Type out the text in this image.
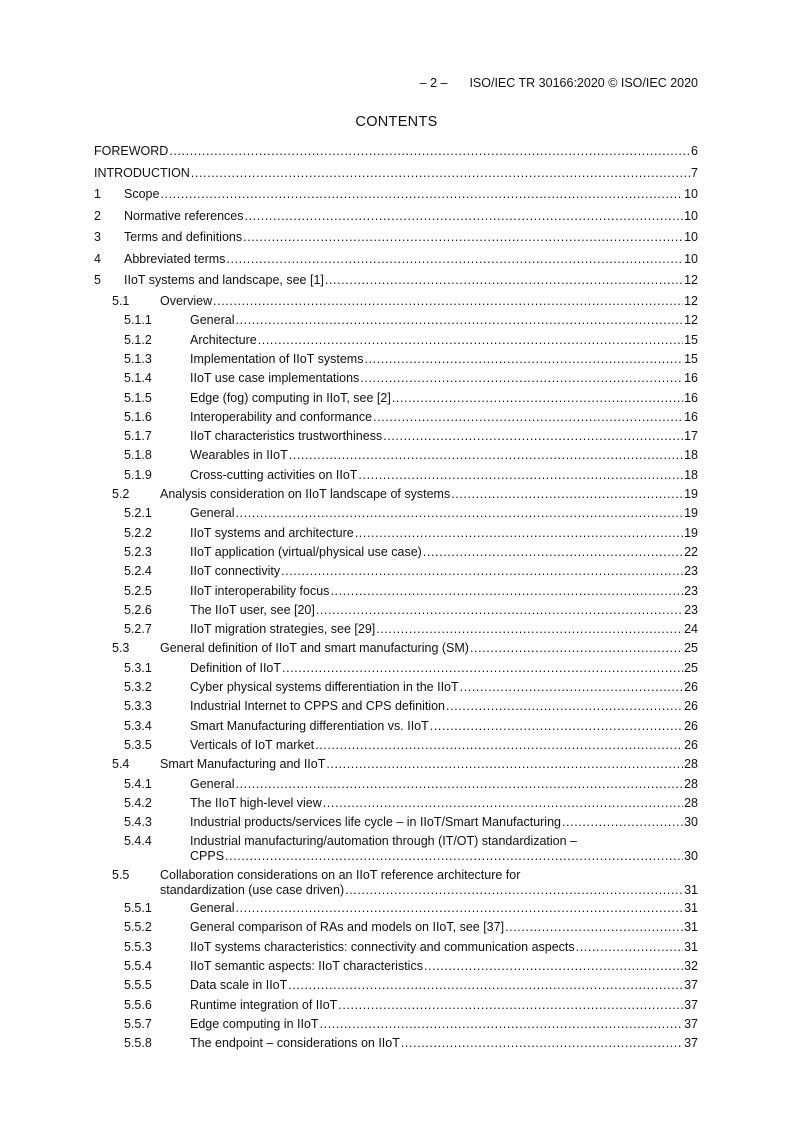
– 2 – ISO/IEC TR 30166:2020 © ISO/IEC 2020
CONTENTS
FOREWORD .....	6
INTRODUCTION .....	7
1	Scope .....	10
2	Normative references .....	10
3	Terms and definitions .....	10
4	Abbreviated terms .....	10
5	IIoT systems and landscape, see [1] .....	12
5.1	Overview .....	12
5.1.1	General .....	12
5.1.2	Architecture .....	15
5.1.3	Implementation of IIoT systems .....	15
5.1.4	IIoT use case implementations .....	16
5.1.5	Edge (fog) computing in IIoT, see [2] .....	16
5.1.6	Interoperability and conformance .....	16
5.1.7	IIoT characteristics trustworthiness .....	17
5.1.8	Wearables in IIoT .....	18
5.1.9	Cross-cutting activities on IIoT .....	18
5.2	Analysis consideration on IIoT landscape of systems .....	19
5.2.1	General .....	19
5.2.2	IIoT systems and architecture .....	19
5.2.3	IIoT application (virtual/physical use case) .....	22
5.2.4	IIoT connectivity .....	23
5.2.5	IIoT interoperability focus .....	23
5.2.6	The IIoT user, see [20] .....	23
5.2.7	IIoT migration strategies, see [29] .....	24
5.3	General definition of IIoT and smart manufacturing (SM) .....	25
5.3.1	Definition of IIoT .....	25
5.3.2	Cyber physical systems differentiation in the IIoT .....	26
5.3.3	Industrial Internet to CPPS and CPS definition .....	26
5.3.4	Smart Manufacturing differentiation vs. IIoT .....	26
5.3.5	Verticals of IoT market .....	26
5.4	Smart Manufacturing and IIoT .....	28
5.4.1	General .....	28
5.4.2	The IIoT high-level view .....	28
5.4.3	Industrial products/services life cycle – in IIoT/Smart Manufacturing .....	30
5.4.4	Industrial manufacturing/automation through (IT/OT) standardization –
CPPS .....	30
5.5	Collaboration considerations on an IIoT reference architecture for
standardization (use case driven) .....	31
5.5.1	General .....	31
5.5.2	General comparison of RAs and models on IIoT, see [37] .....	31
5.5.3	IIoT systems characteristics: connectivity and communication aspects .....	31
5.5.4	IIoT semantic aspects: IIoT characteristics .....	32
5.5.5	Data scale in IIoT .....	37
5.5.6	Runtime integration of IIoT .....	37
5.5.7	Edge computing in IIoT .....	37
5.5.8	The endpoint – considerations on IIoT .....	37
